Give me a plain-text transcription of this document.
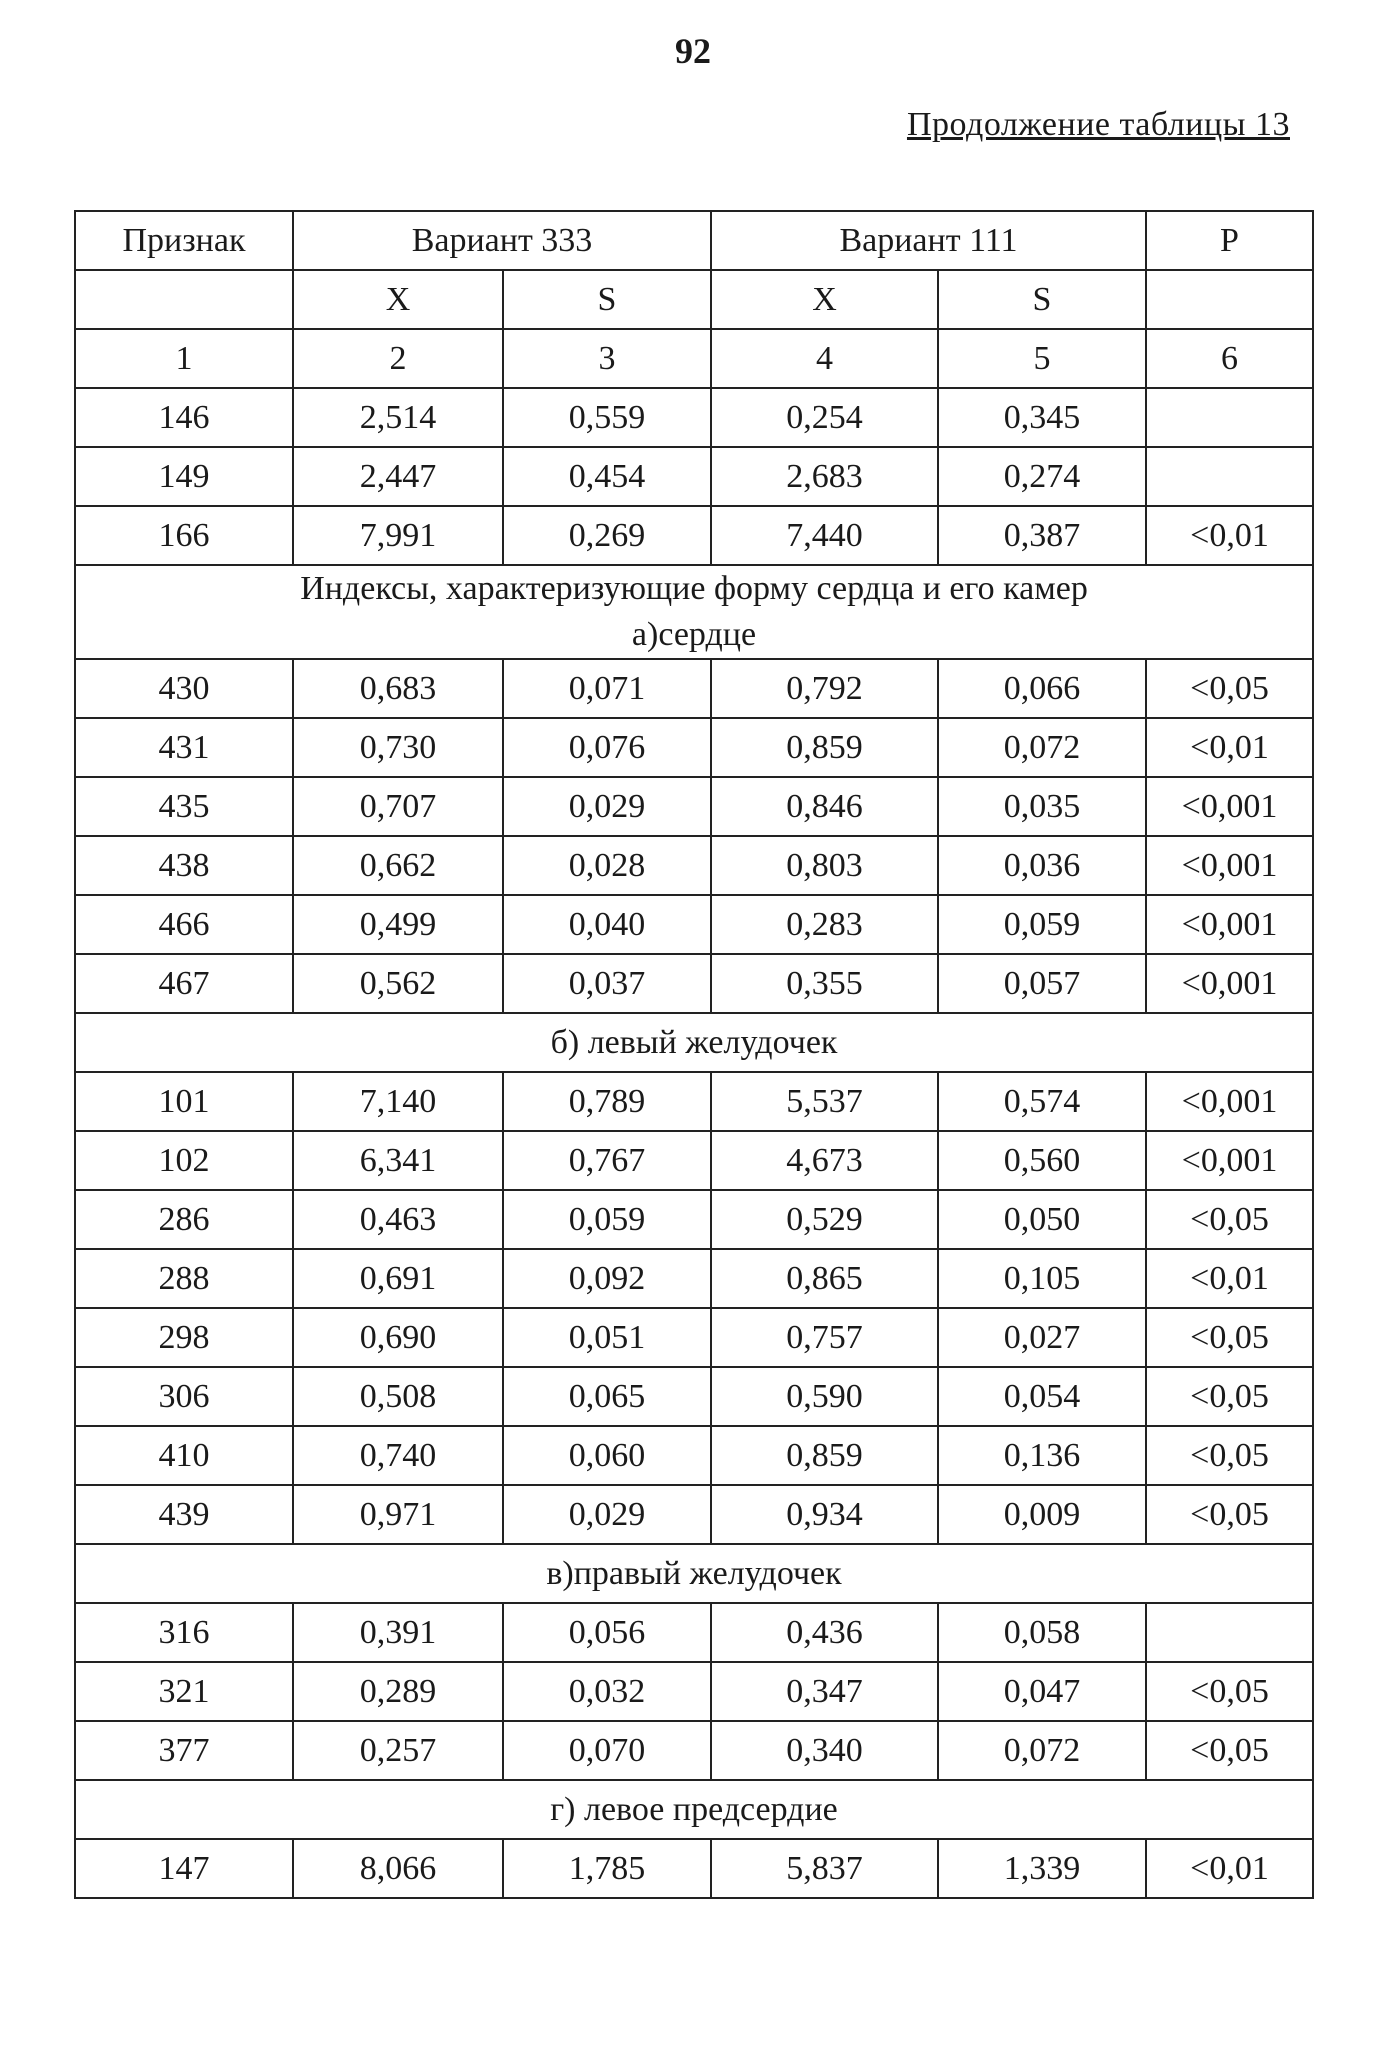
92
Продолжение таблицы 13
Признак	Вариант 333		Вариант 111		Р
	X	S	X	S	
1	2	3	4	5	6
146	2,514	0,559	0,254	0,345	
149	2,447	0,454	2,683	0,274	
166	7,991	0,269	7,440	0,387	<0,01
Индексы, характеризующие форму сердца и его камер					
а)сердце					
430	0,683	0,071	0,792	0,066	<0,05
431	0,730	0,076	0,859	0,072	<0,01
435	0,707	0,029	0,846	0,035	<0,001
438	0,662	0,028	0,803	0,036	<0,001
466	0,499	0,040	0,283	0,059	<0,001
467	0,562	0,037	0,355	0,057	<0,001
б) левый желудочек					
101	7,140	0,789	5,537	0,574	<0,001
102	6,341	0,767	4,673	0,560	<0,001
286	0,463	0,059	0,529	0,050	<0,05
288	0,691	0,092	0,865	0,105	<0,01
298	0,690	0,051	0,757	0,027	<0,05
306	0,508	0,065	0,590	0,054	<0,05
410	0,740	0,060	0,859	0,136	<0,05
439	0,971	0,029	0,934	0,009	<0,05
в)правый желудочек					
316	0,391	0,056	0,436	0,058	
321	0,289	0,032	0,347	0,047	<0,05
377	0,257	0,070	0,340	0,072	<0,05
г) левое предсердие					
147	8,066	1,785	5,837	1,339	<0,01
